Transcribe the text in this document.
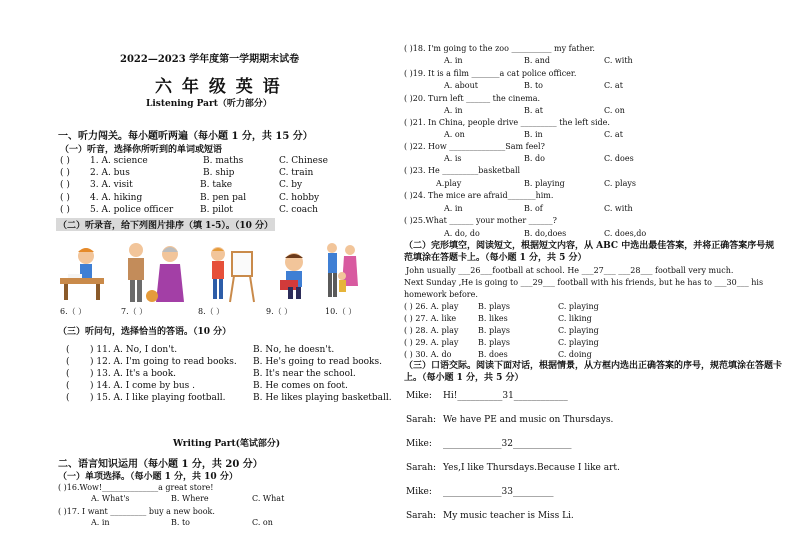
2022—2023 学年度第一学期期末试卷
六 年 级 英 语
Listening Part（听力部分）
一、听力闯关。每小题听两遍（每小题 1 分，共 15 分）
（一）听音，选择你所听到的单词或短语
( ) 1. A. science	B. maths	C. Chinese
( ) 2. A. bus	B. ship	C. train
( ) 3. A. visit	B. take	C. by
( ) 4. A. hiking	B. pen pal	C. hobby
( ) 5. A. police officer	B. pilot	C. coach
（二）听录音，给下列图片排序（填 1-5）。（10 分）
6.（ ）	7.（ ）	8.（ ）	9.（ ）	10.（ ）
（三）听问句，选择恰当的答语。（10 分）
( ) 11. A. No, I don't.	B. No, he doesn't.
( ) 12. A. I'm going to read books. B. He's going to read books.
( ) 13. A. It's a book.	B. It's near the school.
( ) 14. A. I come by bus .	B. He comes on foot.
( ) 15. A. I like playing football.	B. He likes playing basketball.
Writing Part(笔试部分)
二、语言知识运用（每小题 1 分，共 20 分）
（一）单项选择。（每小题 1 分，共 10 分）
( )16.Wow!______________a great store!
A. What's	B. Where	C. What
( )17. I want _________ buy a new book.
A. in	B. to	C. on
( )18. I'm going to the zoo __________ my father.
A. in	B. and	C. with
( )19. It is a film _______a cat police officer.
A. about	B. to	C. at
( )20. Turn left ______ the cinema.
A. in	B. at	C. on
( )21. In China, people drive _________ the left side.
A. on	B. in	C. at
( )22. How ______________Sam feel?
A. is	B. do	C. does
( )23. He _________basketball
A.play	B. playing	C. plays
( )24. The mice are afraid_______him.
A. in	B. of	C. with
( )25.What ______ your mother ______?
A. do, do	B. do,does	C. does,do
（二）完形填空，阅读短文，根据短文内容，从 ABC 中选出最佳答案，并将正确答案序号规范填涂在答题卡上。（每小题 1 分，共 5 分）
John usually ___26___football at school. He ___27___ ___28___ football very much.
Next Sunday ,He is going to ___29___ football with his friends, but he has to ___30___ his
homework before.
( ) 26. A. play B. plays	C. playing
( ) 27. A. like	B. likes	C. liking
( ) 28. A. play B. plays	C. playing
( ) 29. A. play B. plays	C. playing
( ) 30. A. do	B. does	C. doing
（三）口语交际。阅读下面对话，根据情景，从方框内选出正确答案的序号，规范填涂在答题卡上。（每小题 1 分，共 5 分）
Mike: Hi!__________31____________
Sarah: We have PE and music on Thursdays.
Mike: _____________32_____________
Sarah: Yes,I like Thursdays.Because I like art.
Mike: _____________33_________
Sarah: My music teacher is Miss Li.
